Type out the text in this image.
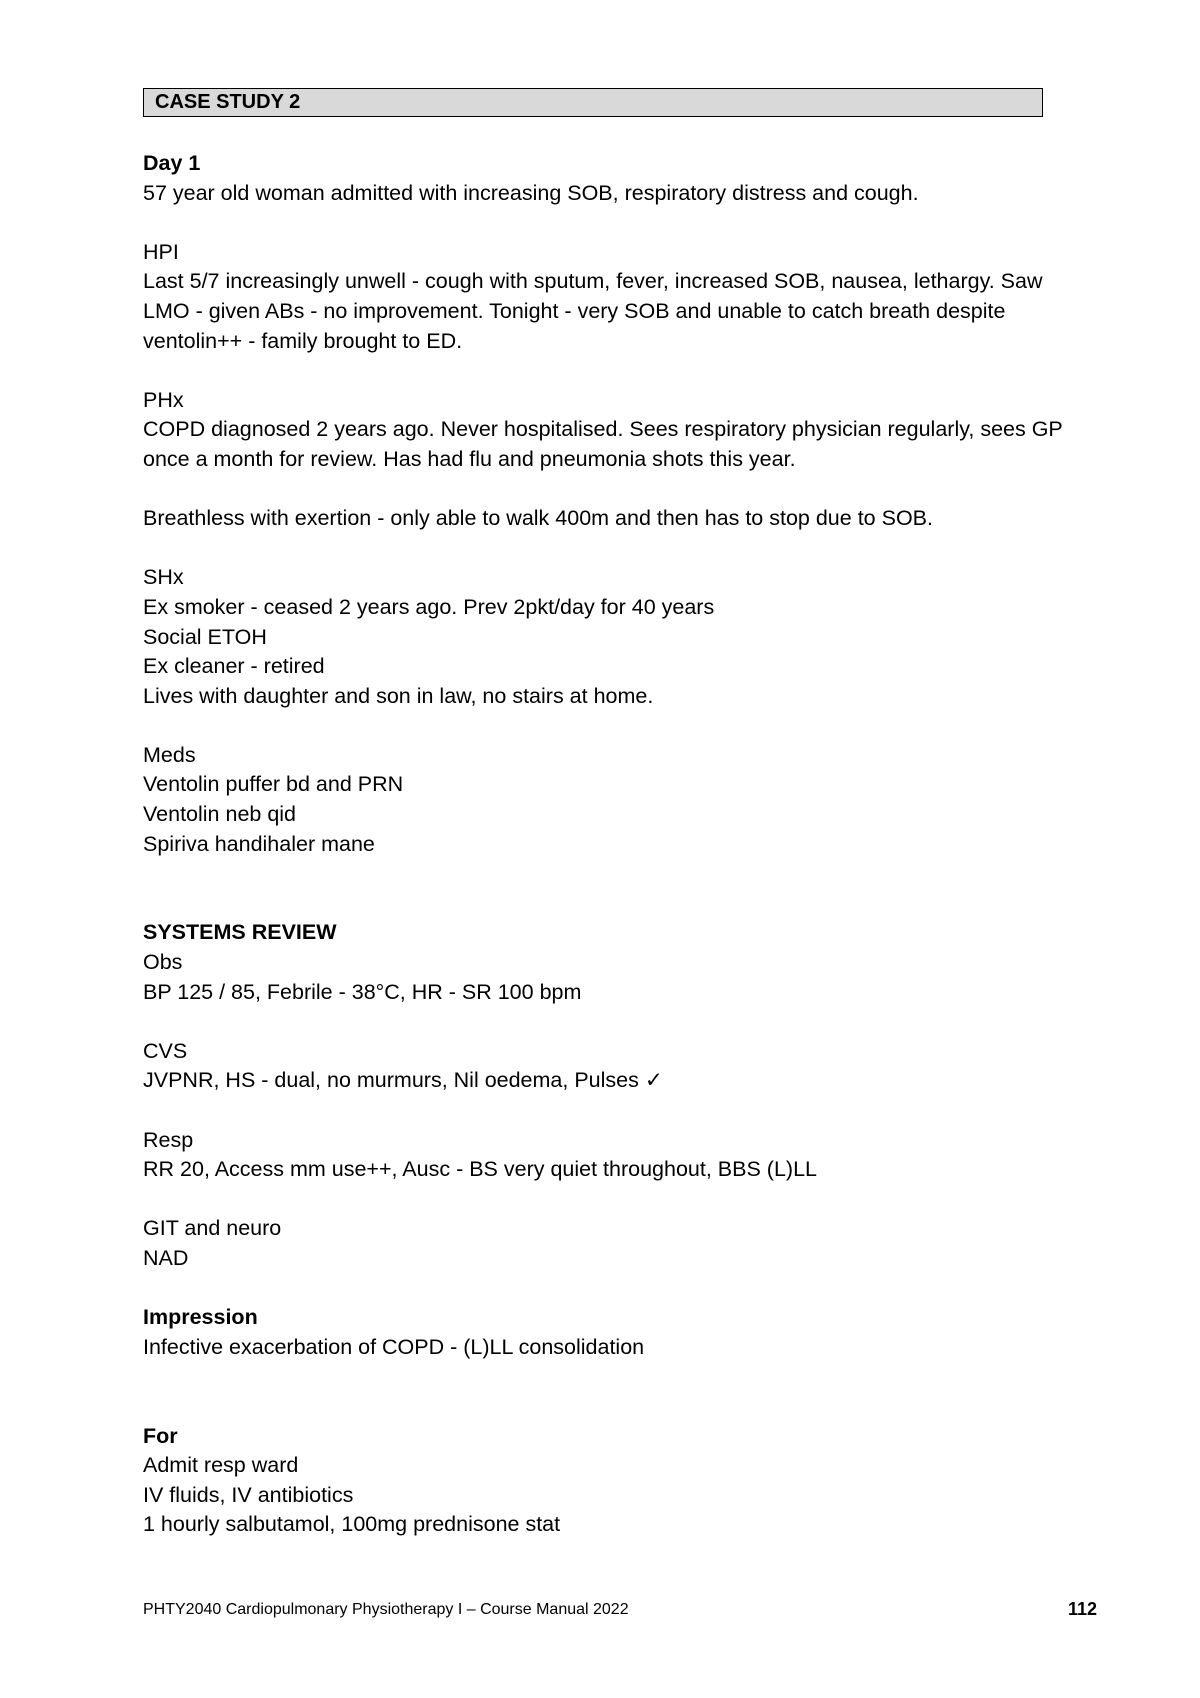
CASE STUDY 2
Day 1
57 year old woman admitted with increasing SOB, respiratory distress and cough.
HPI
Last 5/7 increasingly unwell - cough with sputum, fever, increased SOB, nausea, lethargy. Saw
LMO - given ABs - no improvement. Tonight - very SOB and unable to catch breath despite
ventolin++ - family brought to ED.
PHx
COPD diagnosed 2 years ago. Never hospitalised. Sees respiratory physician regularly, sees GP
once a month for review. Has had flu and pneumonia shots this year.
Breathless with exertion - only able to walk 400m and then has to stop due to SOB.
SHx
Ex smoker - ceased 2 years ago. Prev 2pkt/day for 40 years
Social ETOH
Ex cleaner - retired
Lives with daughter and son in law, no stairs at home.
Meds
Ventolin puffer bd and PRN
Ventolin neb qid
Spiriva handihaler mane
SYSTEMS REVIEW
Obs
BP 125 / 85, Febrile - 38°C, HR - SR 100 bpm
CVS
JVPNR, HS - dual, no murmurs, Nil oedema, Pulses ✓
Resp
RR 20, Access mm use++, Ausc - BS very quiet throughout, BBS (L)LL
GIT and neuro
NAD
Impression
Infective exacerbation of COPD - (L)LL consolidation
For
Admit resp ward
IV fluids, IV antibiotics
1 hourly salbutamol, 100mg prednisone stat
PHTY2040 Cardiopulmonary Physiotherapy I – Course Manual 2022	112
